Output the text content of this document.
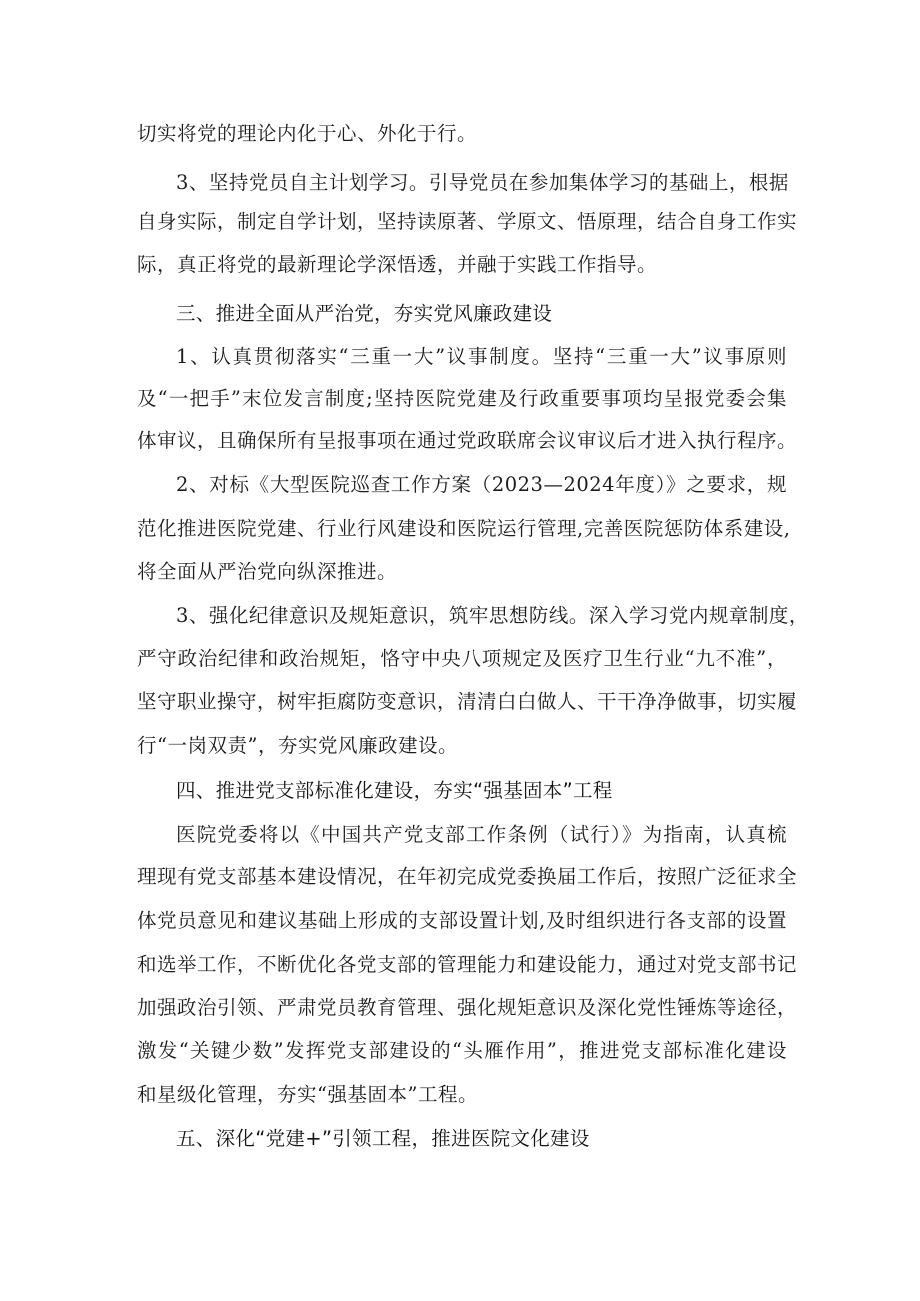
切实将党的理论内化于心、外化于行。
3、坚持党员自主计划学习。引导党员在参加集体学习的基础上，根据
自身实际，制定自学计划，坚持读原著、学原文、悟原理，结合自身工作实
际，真正将党的最新理论学深悟透，并融于实践工作指导。
三、推进全面从严治党，夯实党风廉政建设
1、认真贯彻落实“三重一大”议事制度。坚持“三重一大”议事原则
及“一把手”末位发言制度;坚持医院党建及行政重要事项均呈报党委会集
体审议，且确保所有呈报事项在通过党政联席会议审议后才进入执行程序。
2、对标《大型医院巡查工作方案（2023—2024年度）》之要求，规
范化推进医院党建、行业行风建设和医院运行管理,完善医院惩防体系建设,
将全面从严治党向纵深推进。
3、强化纪律意识及规矩意识，筑牢思想防线。深入学习党内规章制度，
严守政治纪律和政治规矩，恪守中央八项规定及医疗卫生行业“九不准”，
坚守职业操守，树牢拒腐防变意识，清清白白做人、干干净净做事，切实履
行“一岗双责”，夯实党风廉政建设。
四、推进党支部标准化建设，夯实“强基固本”工程
医院党委将以《中国共产党支部工作条例（试行）》为指南，认真梳
理现有党支部基本建设情况，在年初完成党委换届工作后，按照广泛征求全
体党员意见和建议基础上形成的支部设置计划,及时组织进行各支部的设置
和选举工作，不断优化各党支部的管理能力和建设能力，通过对党支部书记
加强政治引领、严肃党员教育管理、强化规矩意识及深化党性锤炼等途径，
激发“关键少数”发挥党支部建设的“头雁作用”，推进党支部标准化建设
和星级化管理，夯实“强基固本”工程。
五、深化“党建+”引领工程，推进医院文化建设
